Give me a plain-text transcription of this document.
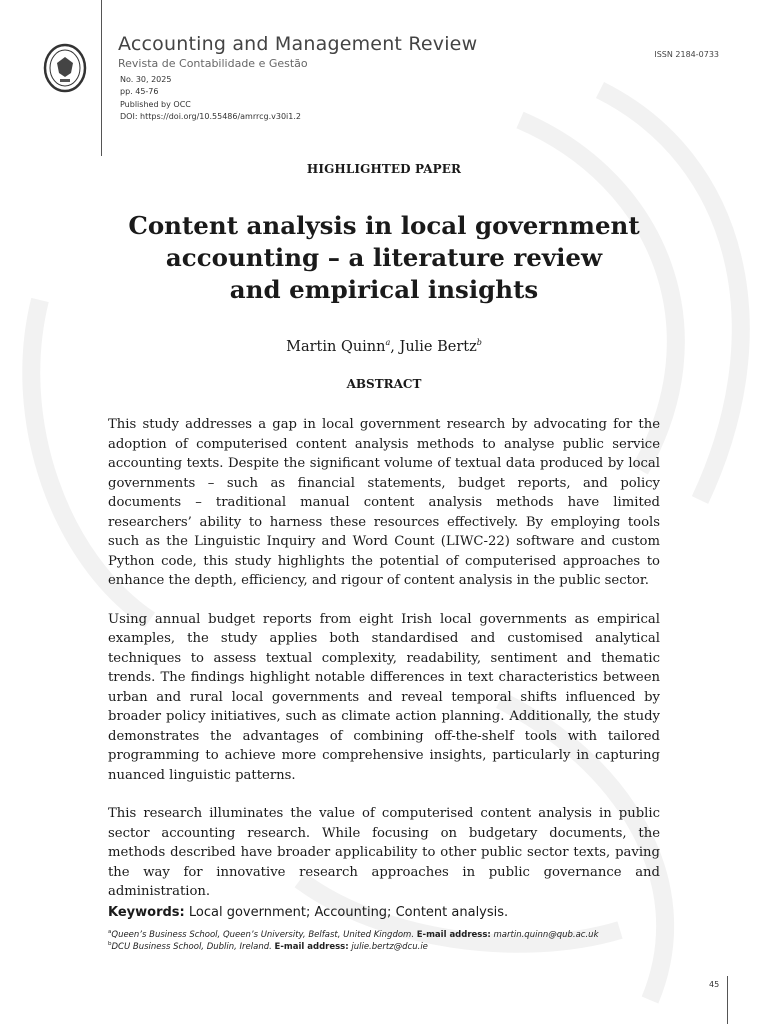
Accounting and Management Review
Revista de Contabilidade e Gestão
No. 30, 2025
pp. 45-76
Published by OCC
DOI: https://doi.org/10.55486/amrrcg.v30i1.2
ISSN 2184-0733
HIGHLIGHTED PAPER
Content analysis in local government
accounting – a literature review
and empirical insights
Martin Quinn$^a$, Julie Bertz$^b$
ABSTRACT

This study addresses a gap in local government research by advocating for the adoption of computerised content analysis methods to analyse public service accounting texts. Despite the significant volume of textual data produced by local governments – such as financial statements, budget reports, and policy documents – traditional manual content analysis methods have limited researchers’ ability to harness these resources effectively. By employing tools such as the Linguistic Inquiry and Word Count (LIWC-22) software and custom Python code, this study highlights the potential of computerised approaches to enhance the depth, efficiency, and rigour of content analysis in the public sector.

Using annual budget reports from eight Irish local governments as empirical examples, the study applies both standardised and customised analytical techniques to assess textual complexity, readability, sentiment and thematic trends. The findings highlight notable differences in text characteristics between urban and rural local governments and reveal temporal shifts influenced by broader policy initiatives, such as climate action planning. Additionally, the study demonstrates the advantages of combining off-the-shelf tools with tailored programming to achieve more comprehensive insights, particularly in capturing nuanced linguistic patterns.

This research illuminates the value of computerised content analysis in public sector accounting research. While focusing on budgetary documents, the methods described have broader applicability to other public sector texts, paving the way for innovative research approaches in public governance and administration.

Keywords: Local government; Accounting; Content analysis.
$^a$Queen’s Business School, Queen’s University, Belfast, United Kingdom. E-mail address: martin.quinn@qub.ac.uk
$^b$DCU Business School, Dublin, Ireland. E-mail address: julie.bertz@dcu.ie
45
